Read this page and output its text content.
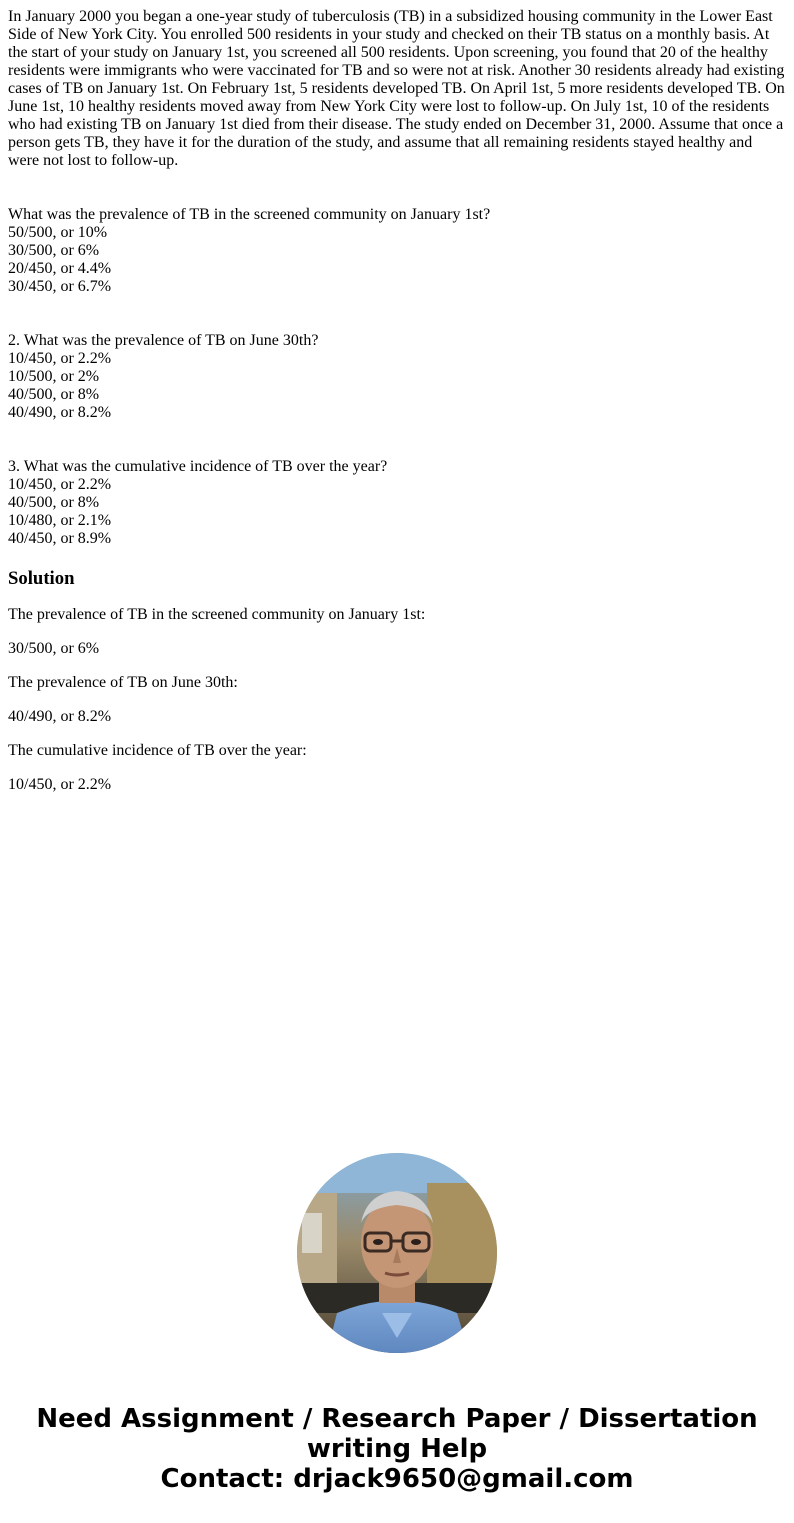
In January 2000 you began a one-year study of tuberculosis (TB) in a subsidized housing community in the Lower East Side of New York City. You enrolled 500 residents in your study and checked on their TB status on a monthly basis. At the start of your study on January 1st, you screened all 500 residents. Upon screening, you found that 20 of the healthy residents were immigrants who were vaccinated for TB and so were not at risk. Another 30 residents already had existing cases of TB on January 1st. On February 1st, 5 residents developed TB. On April 1st, 5 more residents developed TB. On June 1st, 10 healthy residents moved away from New York City were lost to follow-up. On July 1st, 10 of the residents who had existing TB on January 1st died from their disease. The study ended on December 31, 2000. Assume that once a person gets TB, they have it for the duration of the study, and assume that all remaining residents stayed healthy and were not lost to follow-up.

What was the prevalence of TB in the screened community on January 1st?
50/500, or 10%
30/500, or 6%
20/450, or 4.4%
30/450, or 6.7%
2. What was the prevalence of TB on June 30th?
10/450, or 2.2%
10/500, or 2%
40/500, or 8%
40/490, or 8.2%
3. What was the cumulative incidence of TB over the year?
10/450, or 2.2%
40/500, or 8%
10/480, or 2.1%
40/450, or 8.9%
Solution

The prevalence of TB in the screened community on January 1st:

30/500, or 6%

The prevalence of TB on June 30th:

40/490, or 8.2%

The cumulative incidence of TB over the year:

10/450, or 2.2%

Need Assignment / Research Paper / Dissertation
writing Help
Contact: drjack9650@gmail.com
